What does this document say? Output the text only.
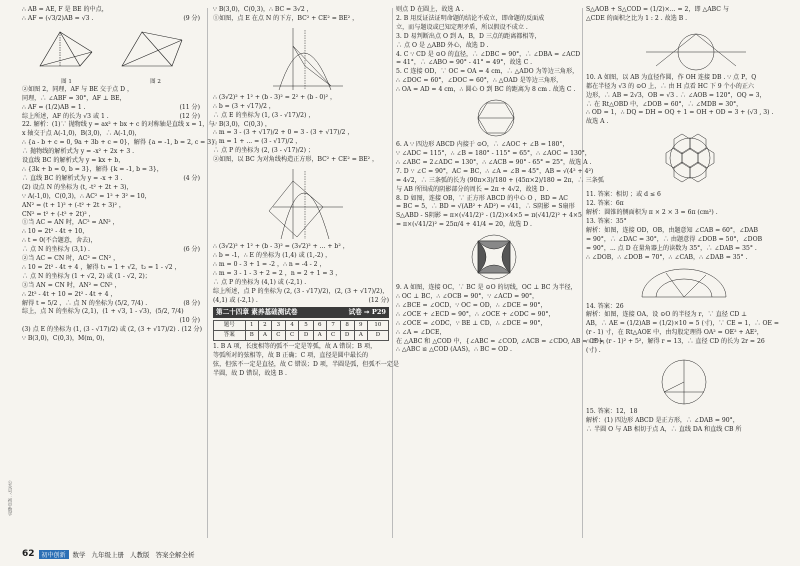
∴ AB = AE, F 是 BE 的中点，
∴ AF = (√3/2)AB = √3 .	(9 分)
图 1	图 2
②如图 2，同理，AF 与 BE 交于点 D ，
同理，∴ ∠ABF = 30°，AF ⊥ BE，
∴ AF = (1/2)AB = 1 .	(11 分)
综上所述，AF 的长为 √3 或 1 .	(12 分)
22. 解析：(1)∵ 抛物线 y = ax² + bx + c 的对称轴是直线 x = 1，与
x 轴交于点 A(-1,0)，B(3,0)，∴ A(-1,0)，
∴ {a - b + c = 0, 9a + 3b + c = 0}，解得 {a = -1, b = 2, c = 3}，
∴ 抛物线的解析式为 y = -x² + 2x + 3 .
设直线 BC 的解析式为 y = kx + b，
∴ {3k + b = 0, b = 3}，解得 {k = -1, b = 3}，
∴ 直线 BC 的解析式为 y = -x + 3 .	(4 分)
(2) 设点 N 的坐标为 (t, -t² + 2t + 3)，
∵ A(-1,0)，C(0,3)，∴ AC² = 1² + 3² = 10，
AN² = (t + 1)² + (-t² + 2t + 3)² ，
CN² = t² + (-t² + 2t)² ，
①当 AC = AN 时，AC² = AN² ，
∴ 10 = 2t² - 4t + 10，
∴ t = 0(不合题意，舍去)，
∴ 点 N 的坐标为 (3,1) .	(6 分)
②当 AC = CN 时，AC² = CN² ，
∴ 10 = 2t² - 4t + 4 ，解得 t₁ = 1 + √2，t₂ = 1 - √2 ，
∴ 点 N 的坐标为 (1 + √2, 2) 或 (1 - √2, 2)；
③当 AN = CN 时，AN² = CN² ，
∴ 2t² - 4t + 10 = 2t² - 4t + 4 ，
解得 t = 5/2 ，∴ 点 N 的坐标为 (5/2, 7/4) .	(8 分)
综上，点 N 的坐标为 (2,1)，(1 + √3, 1 - √3)，(5/2, 7/4)
(10 分)
(3) 点 E 的坐标为 (1, (3 - √17)/2) 或 (2, (3 + √17)/2) . (12 分)
∵ B(3,0)，C(0,3)，M(m, 0)，
∵ B(3,0)，C(0,3)，∴ BC = 3√2 ，
①如图，点 E 在点 N 的下方，BC² + CE² = BE² ，
∴ (3√2)² + 1² + (b - 3)² = 2² + (b - 0)² ，
∴ b = (3 + √17)/2 ，
∴ 点 E 的坐标为 (1, (3 - √17)/2) ，
∵ B(3,0)，C(0,3) ，
∴ m = 3 - (3 + √17)/2 + 0 = 3 - (3 + √17)/2 ，
∴ m = 1 + ... = (3 - √17)/2 ，
∴ 点 P 的坐标为 (2, (3 - √17)/2) ；
②如图，以 BC 为对角线构造正方形，BC² + CE² = BE² ，
∴ (3√2)² + 1² + (b - 3)² = (3√2)² + ... + b² ，
∴ b = -1，∴ E 的坐标为 (1,4) 或 (1,-2) ，
∴ m = 0 - 3 + 1 = -2 ，∴ n = -4 - 2 ，
∴ m = 3 - 1 - 3 + 2 = 2 ，n = 2 + 1 = 3 ，
∴ 点 P 的坐标为 (4,1) 或 (-2,1) .
综上所述，点 P 的坐标为 (2, (3 - √17)/2)，(2, (3 + √17)/2)，
(4,1) 或 (-2,1) .	(12 分)
第二十四章 素养基础测试卷	试卷 ➞ P29
题号	1	2	3	4	5	6	7	8	9	10
答案	B	A	C	C	D	A	C	D	A	D
1. B A 项，长度相等的弧不一定是等弧，故 A 错误；B 项，
等弧所对的弦相等，故 B 正确；C 项，直径是圆中最长的
弦，但弦不一定是直径，故 C 错误；D 项，半圆是弧，但弧不一定是
半圆，故 D 错误，故选 B .
则点 D 在圆上，故选 A .
2. B 用反证法证明命题的结论不成立，即命题的反面成
立，而与题设或已知定理矛盾，所以假设不成立 .
3. D 易判断出点 O 到 A，B，D 三点的距离都相等，
∴ 点 O 是 △ABD 外心，故选 D .
4. C ∵ CD 是 ⊙O 的直径，∴ ∠DBC = 90°，∴ ∠DBA = ∠ACD
= 41°，∴ ∠ABO = 90° - 41° = 49°，故选 C .
5. C 连接 OD，∵ OC = OA = 4 cm，∴ △ADO 为等边三角形，
∴ ∠DOC = 60°，∠DOC = 60°，∴ △OAD 是等边三角形，
∴ OA = AD = 4 cm，∴ 圆心 O 到 BC 的距离为 8 cm . 故选 C .
6. A ∵ 四边形 ABCD 内接于 ⊙O，∴ ∠AOC + ∠B = 180°，
∵ ∠ADC = 115°，∴ ∠B = 180° - 115° = 65°，∴ ∠AOC = 130°，
∴ ∠ABC = 2∠ADC = 130°，∴ ∠ACB = 90° - 65° = 25°，故选 A .
7. D ∵ ∠C = 90°，AC = BC，∴ ∠A = ∠B = 45°，AB = √(4² + 4²)
= 4√2，∴ 三条弧的长为 (90π×3)/180 + (45π×2)/180 = 2π，∴ 三条弧
与 AB 所围成的阴影部分的周长 = 2π + 4√2，故选 D .
8. D 如图，连接 OB，∵ 正方形 ABCD 的中心 O ，BD = AC
= BC = 5，∴ BD = √(AB² + AD²) = √41，∴ S阴影 = S扇形
S△ABD - S阴影 = π×(√41/2)² - (1/2)×4×5 = π(√41/2)² + 4×5
= π×(√41/2)² = 25π/4 + 41/4 = 20，故选 D .
9. A 如图，连接 OC，∵ BC 是 ⊙O 的切线，OC ⊥ BC 为半径，
∴ OC ⊥ BC，∴ ∠OCB = 90°，∵ ∠ACD = 90°，
∴ ∠BCE = ∠OCD，∵ OC = OD，∴ ∠DCE = 90°，
∴ ∠OCE + ∠ECD = 90°，∴ ∠OCE + ∠ODC = 90°，
∴ ∠OCE = ∠ODC，∵ BE ⊥ CD，∴ ∠DCE = 90°，
∴ ∠A = ∠DCE，
在 △ABC 和 △COD 中，{∠ABC = ∠COD, ∠ACB = ∠CDO, AB = CD}，
∴ △ABC ≌ △COD (AAS)，∴ BC = OD .
S△AOB + S△COD = (1/2)×... = 2，即 △ABC 与
△CDE 的面积之比为 1 : 2 . 故选 B .
10. A 如图，以 AB 为直径作圆，作 OH 连接 DB . ∵ 点 P，Q
都在半径为 √3 的 ⊙O 上，∴ 由 H 点看 HC 下 9 个小的正六
边形，∴ AB = 2√3，OB = √3 . ∴ ∠AOB = 120°，OQ = 3，
∴ 在 Rt△OBD 中，∠DOB = 60°，∴ ∠MDB = 30°，
∴ OD = 1，∴ DQ = DH = OQ + 1 = OH + OD = 3 + (√3 , 3) .
故选 A .
11. 答案：相切 ；或 d ≤ 6
12. 答案：6π
解析：圆锥的侧面积为 π × 2 × 3 = 6π (cm²) .
13. 答案：35°
解析：如图，连接 OD，OB，由题意知 ∠CAB = 60°，∠DAB
= 90°，∴ ∠DAC = 30°，∴ 由题意得 ∠DOB = 50°，∠DOB
= 90°，... 点 D 在量角器上的读数为 35°，∴ ∠DAB = 35° .
∴ ∠DOB，∴ ∠DOB = 70°，∴ ∠CAB，∴ ∠DAB = 35° .
14. 答案：26
解析：如图，连接 OA，设 ⊙O 的半径为 r，∵ 直径 CD ⊥
AB，∴ AE = (1/2)AB = (1/2)×10 = 5 (寸)，∵ CE = 1，∴ OE =
(r - 1) 寸，在 Rt△AOE 中，由勾股定理得 OA² = OE² + AE²，
∴ r² = (r - 1)² + 5²，解得 r = 13，∴ 直径 CD 的长为 2r = 26
(寸) .
15. 答案：12，18
解析：(1) 四边形 ABCD 是正方形，∴ ∠DAB = 90°，
∴ 半圆 O 与 AB 相切于点 A，∴ 直线 DA 和直线 CB 所
62	初中创新	数学 九年级上册 人教版 答案全解全析
公众号：初中数学
